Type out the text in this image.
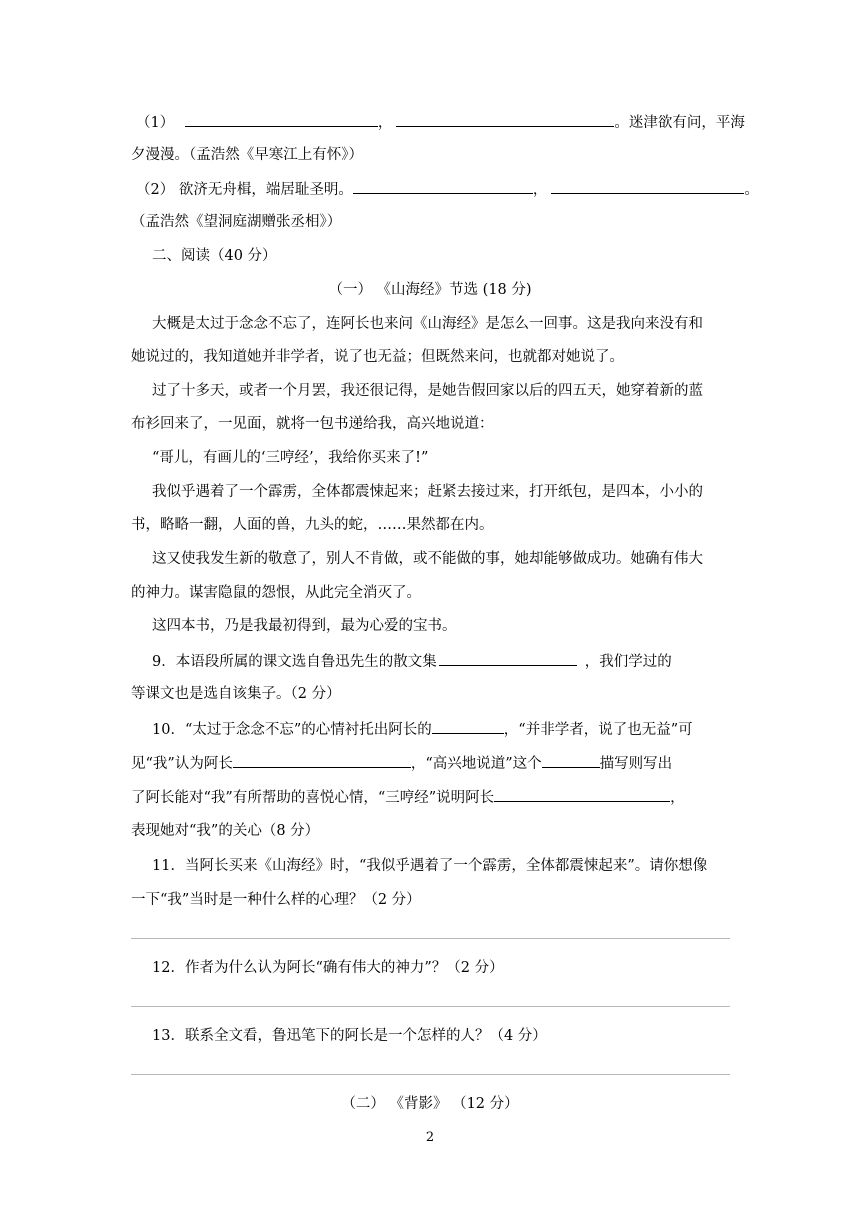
（1）	，	。迷津欲有问，平海
夕漫漫。（孟浩然《早寒江上有怀》）
（2） 欲济无舟楫，端居耻圣明。	，	。
（孟浩然《望洞庭湖赠张丞相》）
二、阅读（40 分）
（一） 《山海经》节选 (18 分)
大概是太过于念念不忘了，连阿长也来问《山海经》是怎么一回事。这是我向来没有和
她说过的，我知道她并非学者，说了也无益；但既然来问，也就都对她说了。
过了十多天，或者一个月罢，我还很记得，是她告假回家以后的四五天，她穿着新的蓝
布衫回来了，一见面，就将一包书递给我，高兴地说道：
“哥儿，有画儿的‘三哼经’，我给你买来了!”
我似乎遇着了一个霹雳，全体都震悚起来；赶紧去接过来，打开纸包，是四本，小小的
书，略略一翻，人面的兽，九头的蛇，……果然都在内。
这又使我发生新的敬意了，别人不肯做，或不能做的事，她却能够做成功。她确有伟大
的神力。谋害隐鼠的怨恨，从此完全消灭了。
这四本书，乃是我最初得到，最为心爱的宝书。
9．本语段所属的课文选自鲁迅先生的散文集	，我们学过的
等课文也是选自该集子。（2 分）
10．“太过于念念不忘”的心情衬托出阿长的	，“并非学者，说了也无益”可
见“我”认为阿长	，“高兴地说道”这个	描写则写出
了阿长能对“我”有所帮助的喜悦心情，“三哼经”说明阿长	，
表现她对“我”的关心（8 分）
11．当阿长买来《山海经》时，“我似乎遇着了一个霹雳，全体都震悚起来”。请你想像
一下“我”当时是一种什么样的心理？（2 分）
12．作者为什么认为阿长“确有伟大的神力”？（2 分）
13．联系全文看，鲁迅笔下的阿长是一个怎样的人？（4 分）
（二） 《背影》 （12 分）
2
